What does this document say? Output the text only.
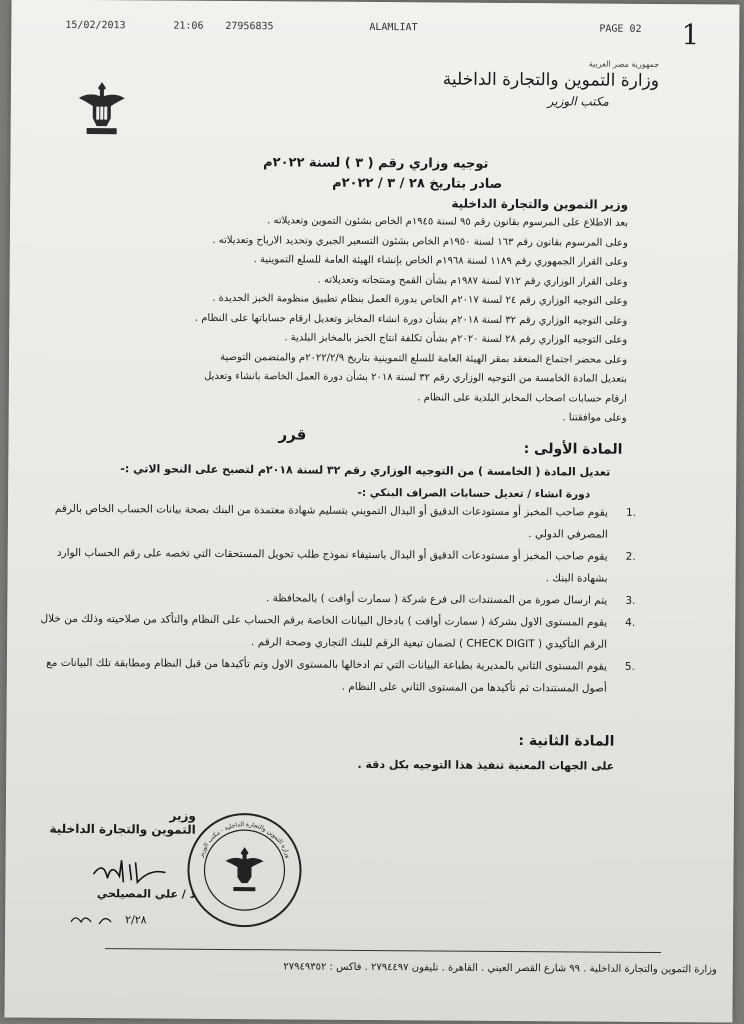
15/02/2013	21:06 27956835	ALAMLIAT	PAGE 02 1
جمهورية مصر العربية
وزارة التموين والتجارة الداخلية
مكتب الوزير
توجيه وزاري رقم ( ٣ ) لسنة ٢٠٢٢م
صادر بتاريخ ٢٨ / ٣ / ٢٠٢٢م
وزير التموين والتجارة الداخلية

بعد الاطلاع على المرسوم بقانون رقم ٩٥ لسنة ١٩٤٥م الخاص بشئون التموين وتعديلاته .

وعلى المرسوم بقانون رقم ١٦٣ لسنة ١٩٥٠م الخاص بشئون التسعير الجبري وتحديد الارباح وتعديلاته .

وعلى القرار الجمهوري رقم ١١٨٩ لسنة ١٩٦٨م الخاص بإنشاء الهيئة العامة للسلع التموينية .

وعلى القرار الوزاري رقم ٧١٢ لسنة ١٩٨٧م بشأن القمح ومنتجاته وتعديلاته .

وعلى التوجيه الوزاري رقم ٢٤ لسنة ٢٠١٧م الخاص بدورة العمل بنظام تطبيق منظومة الخبز الجديدة .

وعلى التوجيه الوزاري رقم ٣٢ لسنة ٢٠١٨م بشأن دورة انشاء المخابز وتعديل ارقام حساباتها على النظام .

وعلى التوجيه الوزاري رقم ٢٨ لسنة ٢٠٢٠م بشأن تكلفة انتاج الخبز بالمخابز البلدية .

وعلى محضر اجتماع المنعقد بمقر الهيئة العامة للسلع التموينية بتاريخ ٢٠٢٢/٢/٩م والمتضمن التوصية

بتعديل المادة الخامسة من التوجيه الوزاري رقم ٣٢ لسنة ٢٠١٨ بشأن دورة العمل الخاصة بانشاء وتعديل

ارقام حسابات اصحاب المخابز البلدية على النظام .

وعلى موافقتنا .

قرر
المادة الأولى :
تعديل المادة ( الخامسة ) من التوجيه الوزاري رقم ٣٢ لسنة ٢٠١٨م لتصبح على النحو الاتي :-
دورة انشاء / تعديل حسابات الصراف البنكي :-
1.
يقوم صاحب المخبز أو مستودعات الدقيق أو البدال التمويني بتسليم شهادة معتمدة من البنك بصحة بيانات الحساب الخاص بالرقم المصرفي الدولي .
2.
يقوم صاحب المخبز أو مستودعات الدقيق أو البدال باستيفاء نموذج طلب تحويل المستحقات التي تخصه على رقم الحساب الوارد بشهادة البنك .
3.
يتم ارسال صورة من المستندات الى فرع شركة ( سمارت أوافت ) بالمحافظة .
4.
يقوم المستوى الاول بشركة ( سمارت أوافت ) بادخال البيانات الخاصة برقم الحساب على النظام والتأكد من صلاحيته وذلك من خلال الرقم التأكيدي ( CHECK DIGIT ) لضمان تبعية الرقم للبنك التجاري وصحة الرقم .
5.
يقوم المستوى الثاني بالمديرية بطباعة البيانات التي تم ادخالها بالمستوى الاول وتم تأكيدها من قبل النظام ومطابقة تلك البيانات مع أصول المستندات ثم تأكيدها من المستوى الثاني على النظام .
المادة الثانية :
على الجهات المعنية تنفيذ هذا التوجيه بكل دقة .
وزير
التموين والتجارة الداخلية
د / علي المصيلحي
٢/٢٨
وزارة التموين والتجارة الداخلية - مكتب الوزير
وزارة التموين والتجارة الداخلية . ٩٩ شارع القصر العيني . القاهرة . تليفون ٢٧٩٤٤٩٧ . فاكس : ٢٧٩٤٩٣٥٢
